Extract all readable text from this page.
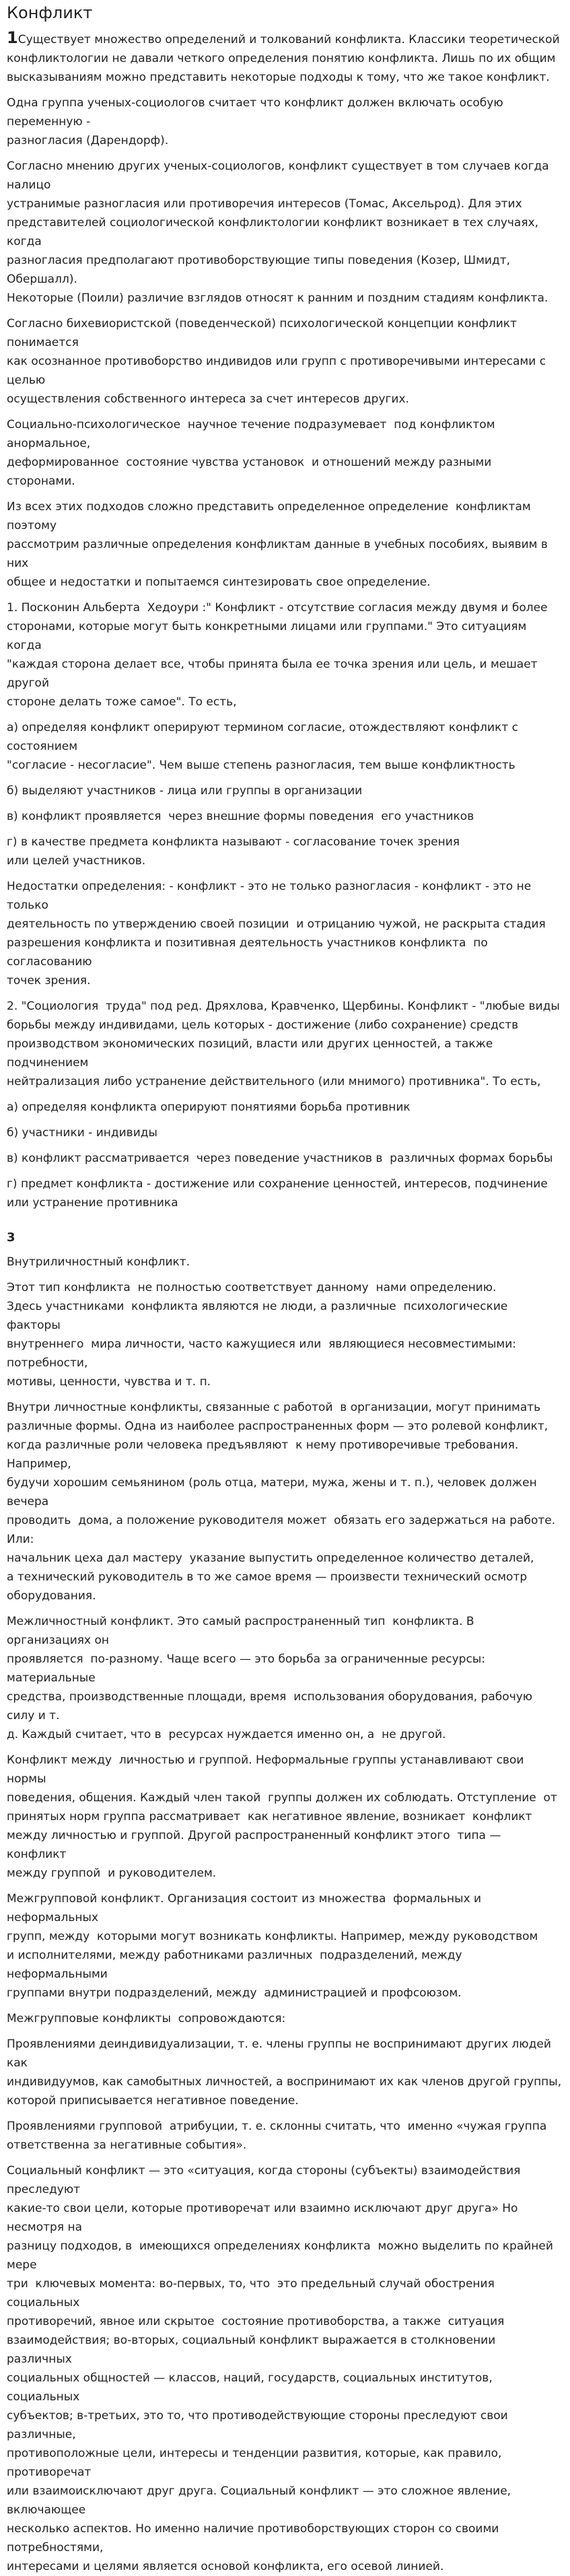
Конфликт

1Существует множество определений и толкований конфликта. Классики теоретической
конфликтологии не давали четкого определения понятию конфликта. Лишь по их общим
высказываниям можно представить некоторые подходы к тому, что же такое конфликт.

Одна группа ученых-социологов считает что конфликт должен включать особую переменную -
разногласия (Дарендорф).

Согласно мнению других ученых-социологов, конфликт существует в том случаев когда налицо
устранимые разногласия или противоречия интересов (Томас, Аксельрод). Для этих
представителей социологической конфликтологии конфликт возникает в тех случаях, когда
разногласия предполагают противоборствующие типы поведения (Козер, Шмидт, Обершалл).
Некоторые (Поили) различие взглядов относят к ранним и поздним стадиям конфликта.

Согласно бихевиористской (поведенческой) психологической концепции конфликт понимается
как осознанное противоборство индивидов или групп с противоречивыми интересами с целью
осуществления собственного интереса за счет интересов других.

Социально-психологическое  научное течение подразумевает  под конфликтом анормальное,
деформированное  состояние чувства установок  и отношений между разными  сторонами.

Из всех этих подходов сложно представить определенное определение  конфликтам поэтому
рассмотрим различные определения конфликтам данные в учебных пособиях, выявим в них
общее и недостатки и попытаемся синтезировать свое определение.

1. Посконин Альберта  Хедоури :" Конфликт - отсутствие согласия между двумя и более
сторонами, которые могут быть конкретными лицами или группами." Это ситуациям когда
"каждая сторона делает все, чтобы принята была ее точка зрения или цель, и мешает другой
стороне делать тоже самое". То есть,

а) определяя конфликт оперируют термином согласие, отождествляют конфликт с состоянием
"согласие - несогласие". Чем выше степень разногласия, тем выше конфликтность

б) выделяют участников - лица или группы в организации

в) конфликт проявляется  через внешние формы поведения  его участников

г) в качестве предмета конфликта называют - согласование точек зрения
или целей участников.

Недостатки определения: - конфликт - это не только разногласия - конфликт - это не только
деятельность по утверждению своей позиции  и отрицанию чужой, не раскрыта стадия
разрешения конфликта и позитивная деятельность участников конфликта  по согласованию
точек зрения.

2. "Социология  труда" под ред. Дряхлова, Кравченко, Щербины. Конфликт - "любые виды
борьбы между индивидами, цель которых - достижение (либо сохранение) средств
производством экономических позиций, власти или других ценностей, а также подчинением
нейтрализация либо устранение действительного (или мнимого) противника". То есть,

а) определяя конфликта оперируют понятиями борьба противник

б) участники - индивиды

в) конфликт рассматривается  через поведение участников в  различных формах борьбы

г) предмет конфликта - достижение или сохранение ценностей, интересов, подчинение
или устранение противника

3

Внутриличностный конфликт.

Этот тип конфликта  не полностью соответствует данному  нами определению.
Здесь участниками  конфликта являются не люди, а различные  психологические факторы
внутреннего  мира личности, часто кажущиеся или  являющиеся несовместимыми: потребности,
мотивы, ценности, чувства и т. п.

Внутри личностные конфликты, связанные с работой  в организации, могут принимать
различные формы. Одна из наиболее распространенных форм — это ролевой конфликт,
когда различные роли человека предъявляют  к нему противоречивые требования. Например,
будучи хорошим семьянином (роль отца, матери, мужа, жены и т. п.), человек должен вечера
проводить  дома, а положение руководителя может  обязать его задержаться на работе. Или:
начальник цеха дал мастеру  указание выпустить определенное количество деталей,
а технический руководитель в то же самое время — произвести технический осмотр
оборудования.

Межличностный конфликт. Это самый распространенный тип  конфликта. В организациях он
проявляется  по-разному. Чаще всего — это борьба за ограниченные ресурсы: материальные
средства, производственные площади, время  использования оборудования, рабочую  силу и т.
д. Каждый считает, что в  ресурсах нуждается именно он, а  не другой.

Конфликт между  личностью и группой. Неформальные группы устанавливают свои нормы
поведения, общения. Каждый член такой  группы должен их соблюдать. Отступление  от
принятых норм группа рассматривает  как негативное явление, возникает  конфликт
между личностью и группой. Другой распространенный конфликт этого  типа — конфликт
между группой  и руководителем.

Межгрупповой конфликт. Организация состоит из множества  формальных и неформальных
групп, между  которыми могут возникать конфликты. Например, между руководством
и исполнителями, между работниками различных  подразделений, между неформальными
группами внутри подразделений, между  администрацией и профсоюзом.

Межгрупповые конфликты  сопровождаются:

Проявлениями деиндивидуализации, т. е. члены группы не воспринимают других людей как
индивидуумов, как самобытных личностей, а воспринимают их как членов другой группы,
которой приписывается негативное поведение.

Проявлениями групповой  атрибуции, т. е. склонны считать, что  именно «чужая группа
ответственна за негативные события».

Социальный конфликт — это «ситуация, когда стороны (субъекты) взаимодействия преследуют
какие-то свои цели, которые противоречат или взаимно исключают друг друга» Но несмотря на
разницу подходов, в  имеющихся определениях конфликта  можно выделить по крайней мере
три  ключевых момента: во-первых, то, что  это предельный случай обострения социальных
противоречий, явное или скрытое  состояние противоборства, а также  ситуация
взаимодействия; во-вторых, социальный конфликт выражается в столкновении различных
социальных общностей — классов, наций, государств, социальных институтов, социальных
субъектов; в-третьих, это то, что противодействующие стороны преследуют свои различные,
противоположные цели, интересы и тенденции развития, которые, как правило, противоречат
или взаимоисключают друг друга. Социальный конфликт — это сложное явление, включающее
несколько аспектов. Но именно наличие противоборствующих сторон со своими потребностями,
интересами и целями является основой конфликта, его осевой линией.
